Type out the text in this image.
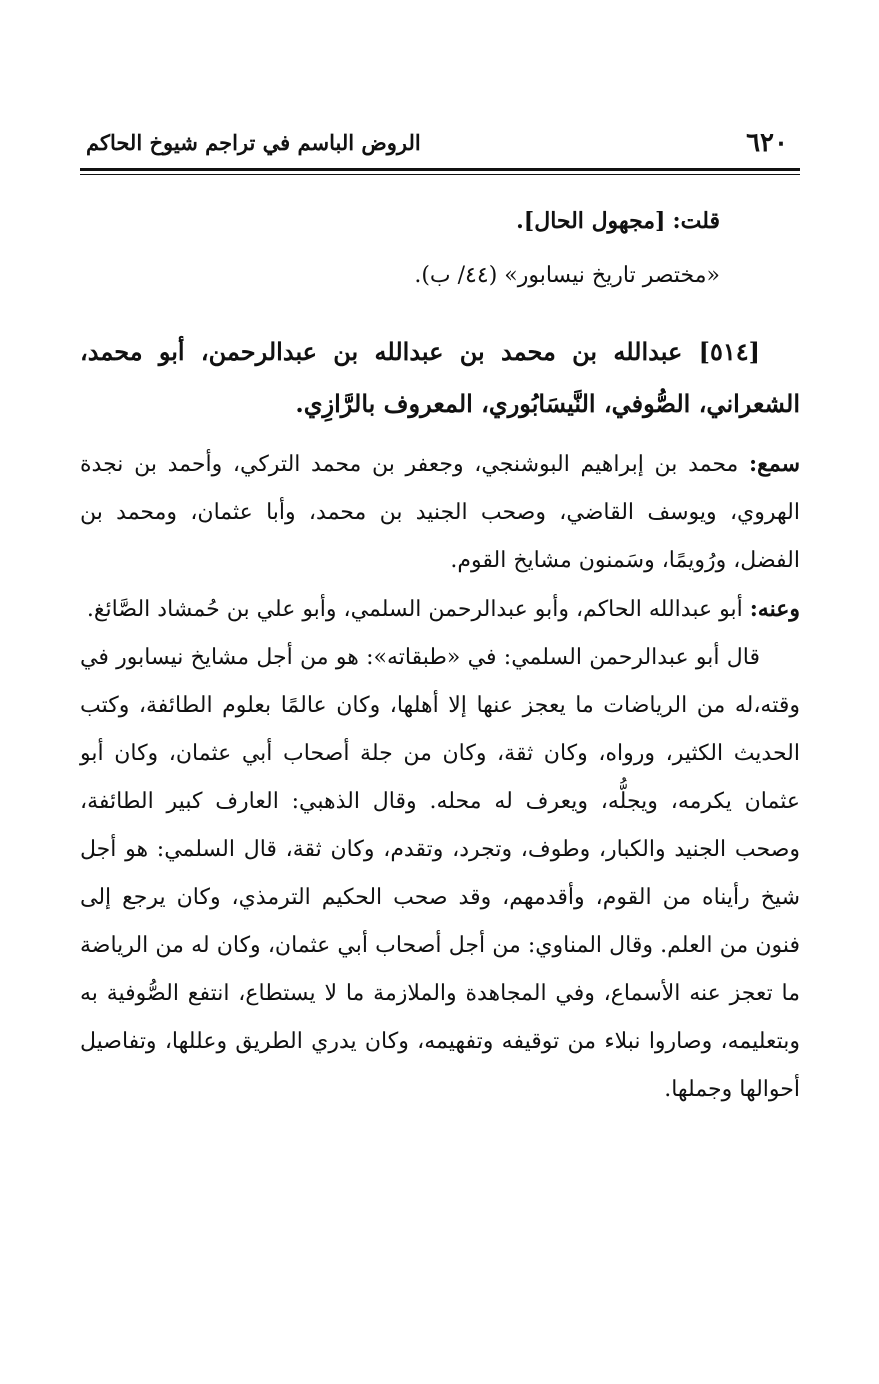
٦٢٠
الروض الباسم في تراجم شيوخ الحاكم

قلت: [مجهول الحال].

«مختصر تاريخ نيسابور» (٤٤/ ب).

[٥١٤] عبدالله بن محمد بن عبدالله بن عبدالرحمن، أبو محمد، الشعراني، الصُّوفي، النَّيسَابُوري، المعروف بالرَّازِي.

سمع: محمد بن إبراهيم البوشنجي، وجعفر بن محمد التركي، وأحمد بن نجدة الهروي، ويوسف القاضي، وصحب الجنيد بن محمد، وأبا عثمان، ومحمد بن الفضل، ورُويمًا، وسَمنون مشايخ القوم.

وعنه: أبو عبدالله الحاكم، وأبو عبدالرحمن السلمي، وأبو علي بن حُمشاد الصَّائغ.

قال أبو عبدالرحمن السلمي: في «طبقاته»: هو من أجل مشايخ نيسابور في وقته،له من الرياضات ما يعجز عنها إلا أهلها، وكان عالمًا بعلوم الطائفة، وكتب الحديث الكثير، ورواه، وكان ثقة، وكان من جلة أصحاب أبي عثمان، وكان أبو عثمان يكرمه، ويجلُّه، ويعرف له محله. وقال الذهبي: العارف كبير الطائفة، وصحب الجنيد والكبار، وطوف، وتجرد، وتقدم، وكان ثقة، قال السلمي: هو أجل شيخ رأيناه من القوم، وأقدمهم، وقد صحب الحكيم الترمذي، وكان يرجع إلى فنون من العلم. وقال المناوي: من أجل أصحاب أبي عثمان، وكان له من الرياضة ما تعجز عنه الأسماع، وفي المجاهدة والملازمة ما لا يستطاع، انتفع الصُّوفية به وبتعليمه، وصاروا نبلاء من توقيفه وتفهيمه، وكان يدري الطريق وعللها، وتفاصيل أحوالها وجملها.
